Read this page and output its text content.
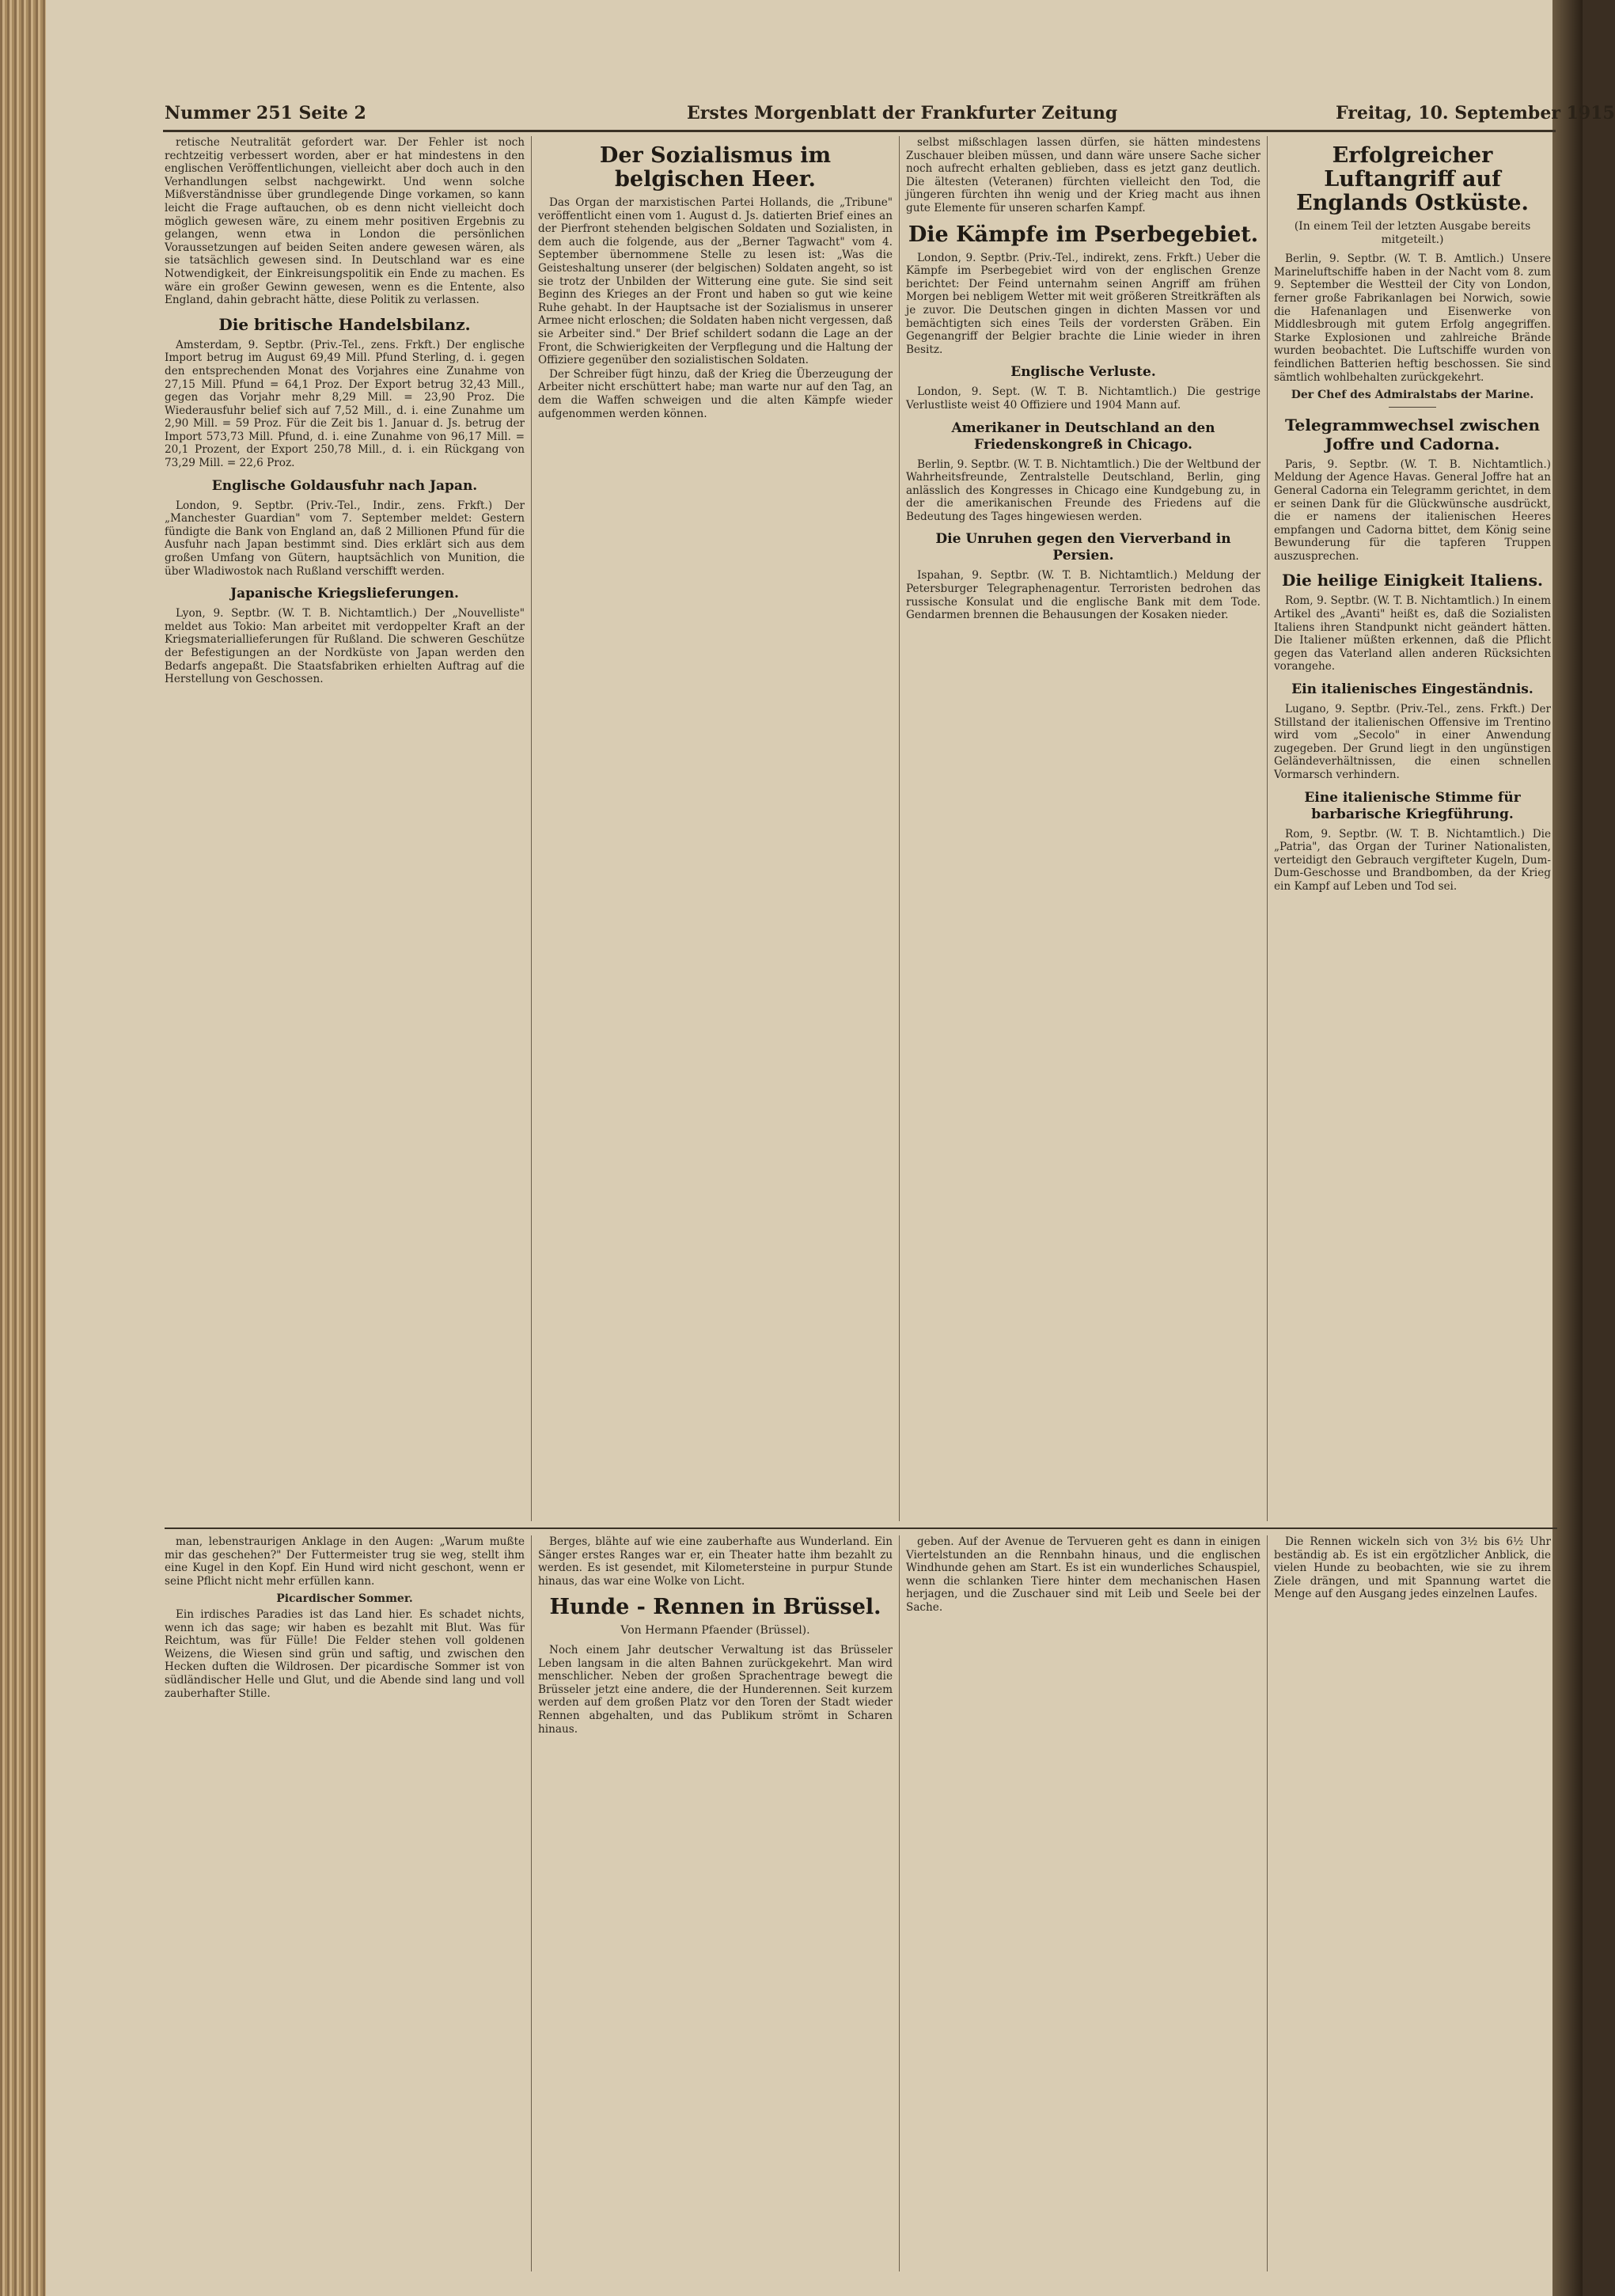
Nummer 251 Seite 2	Erstes Morgenblatt der Frankfurter Zeitung	Freitag, 10. September 1915

retische Neutralität gefordert war. Der Fehler ist noch rechtzeitig verbessert worden, aber er hat mindestens in den englischen Veröffentlichungen, vielleicht aber doch auch in den Verhandlungen selbst nachgewirkt. Und wenn solche Mißverständnisse über grundlegende Dinge vorkamen, so kann leicht die Frage auftauchen, ob es denn nicht vielleicht doch möglich gewesen wäre, zu einem mehr positiven Ergebnis zu gelangen, wenn etwa in London die persönlichen Voraussetzungen auf beiden Seiten andere gewesen wären, als sie tatsächlich gewesen sind. In Deutschland war es eine Notwendigkeit, der Einkreisungspolitik ein Ende zu machen. Es wäre ein großer Gewinn gewesen, wenn es die Entente, also England, dahin gebracht hätte, diese Politik zu verlassen.

Die britische Handelsbilanz.

Amsterdam, 9. Septbr. (Priv.-Tel., zens. Frkft.) Der englische Import betrug im August 69,49 Mill. Pfund Sterling, d. i. gegen den entsprechenden Monat des Vorjahres eine Zunahme von 27,15 Mill. Pfund = 64,1 Proz. Der Export betrug 32,43 Mill., gegen das Vorjahr mehr 8,29 Mill. = 23,90 Proz. Die Wiederausfuhr belief sich auf 7,52 Mill., d. i. eine Zunahme um 2,90 Mill. = 59 Proz. Für die Zeit bis 1. Januar d. Js. betrug der Import 573,73 Mill. Pfund, d. i. eine Zunahme von 96,17 Mill. = 20,1 Prozent, der Export 250,78 Mill., d. i. ein Rückgang von 73,29 Mill. = 22,6 Proz.

Englische Goldausfuhr nach Japan.

London, 9. Septbr. (Priv.-Tel., Indir., zens. Frkft.) Der „Manchester Guardian" vom 7. September meldet: Gestern fündigte die Bank von England an, daß 2 Millionen Pfund für die Ausfuhr nach Japan bestimmt sind. Dies erklärt sich aus dem großen Umfang von Gütern, hauptsächlich von Munition, die über Wladiwostok nach Rußland verschifft werden.

Japanische Kriegslieferungen.

Lyon, 9. Septbr. (W. T. B. Nichtamtlich.) Der „Nouvelliste" meldet aus Tokio: Man arbeitet mit verdoppelter Kraft an der Kriegsmateriallieferungen für Rußland. Die schweren Geschütze der Befestigungen an der Nordküste von Japan werden den Bedarfs angepaßt. Die Staatsfabriken erhielten Auftrag auf die Herstellung von Geschossen.

Der Sozialismus im belgischen Heer.

Das Organ der marxistischen Partei Hollands, die „Tribune" veröffentlicht einen vom 1. August d. Js. datierten Brief eines an der Pierfront stehenden belgischen Soldaten und Sozialisten, in dem auch die folgende, aus der „Berner Tagwacht" vom 4. September übernommene Stelle zu lesen ist: „Was die Geisteshaltung unserer (der belgischen) Soldaten angeht, so ist sie trotz der Unbilden der Witterung eine gute. Sie sind seit Beginn des Krieges an der Front und haben so gut wie keine Ruhe gehabt. In der Hauptsache ist der Sozialismus in unserer Armee nicht erloschen; die Soldaten haben nicht vergessen, daß sie Arbeiter sind." Der Brief schildert sodann die Lage an der Front, die Schwierigkeiten der Verpflegung und die Haltung der Offiziere gegenüber den sozialistischen Soldaten.

Der Schreiber fügt hinzu, daß der Krieg die Überzeugung der Arbeiter nicht erschüttert habe; man warte nur auf den Tag, an dem die Waffen schweigen und die alten Kämpfe wieder aufgenommen werden können.

selbst mißschlagen lassen dürfen, sie hätten mindestens Zuschauer bleiben müssen, und dann wäre unsere Sache sicher noch aufrecht erhalten geblieben, dass es jetzt ganz deutlich. Die ältesten (Veteranen) fürchten vielleicht den Tod, die jüngeren fürchten ihn wenig und der Krieg macht aus ihnen gute Elemente für unseren scharfen Kampf.

Die Kämpfe im Pserbegebiet.

London, 9. Septbr. (Priv.-Tel., indirekt, zens. Frkft.) Ueber die Kämpfe im Pserbegebiet wird von der englischen Grenze berichtet: Der Feind unternahm seinen Angriff am frühen Morgen bei nebligem Wetter mit weit größeren Streitkräften als je zuvor. Die Deutschen gingen in dichten Massen vor und bemächtigten sich eines Teils der vordersten Gräben. Ein Gegenangriff der Belgier brachte die Linie wieder in ihren Besitz.

Englische Verluste.

London, 9. Sept. (W. T. B. Nichtamtlich.) Die gestrige Verlustliste weist 40 Offiziere und 1904 Mann auf.

Amerikaner in Deutschland an den Friedenskongreß in Chicago.

Berlin, 9. Septbr. (W. T. B. Nichtamtlich.) Die der Weltbund der Wahrheitsfreunde, Zentralstelle Deutschland, Berlin, ging anlässlich des Kongresses in Chicago eine Kundgebung zu, in der die amerikanischen Freunde des Friedens auf die Bedeutung des Tages hingewiesen werden.

Die Unruhen gegen den Vierverband in Persien.

Ispahan, 9. Septbr. (W. T. B. Nichtamtlich.) Meldung der Petersburger Telegraphenagentur. Terroristen bedrohen das russische Konsulat und die englische Bank mit dem Tode. Gendarmen brennen die Behausungen der Kosaken nieder.

Erfolgreicher Luftangriff auf Englands Ostküste.
(In einem Teil der letzten Ausgabe bereits mitgeteilt.)

Berlin, 9. Septbr. (W. T. B. Amtlich.) Unsere Marineluftschiffe haben in der Nacht vom 8. zum 9. September die Westteil der City von London, ferner große Fabrikanlagen bei Norwich, sowie die Hafenanlagen und Eisenwerke von Middlesbrough mit gutem Erfolg angegriffen. Starke Explosionen und zahlreiche Brände wurden beobachtet. Die Luftschiffe wurden von feindlichen Batterien heftig beschossen. Sie sind sämtlich wohlbehalten zurückgekehrt.

Der Chef des Admiralstabs der Marine.
Telegrammwechsel zwischen Joffre und Cadorna.

Paris, 9. Septbr. (W. T. B. Nichtamtlich.) Meldung der Agence Havas. General Joffre hat an General Cadorna ein Telegramm gerichtet, in dem er seinen Dank für die Glückwünsche ausdrückt, die er namens der italienischen Heeres empfangen und Cadorna bittet, dem König seine Bewunderung für die tapferen Truppen auszusprechen.

Die heilige Einigkeit Italiens.

Rom, 9. Septbr. (W. T. B. Nichtamtlich.) In einem Artikel des „Avanti" heißt es, daß die Sozialisten Italiens ihren Standpunkt nicht geändert hätten. Die Italiener müßten erkennen, daß die Pflicht gegen das Vaterland allen anderen Rücksichten vorangehe.

Ein italienisches Eingeständnis.

Lugano, 9. Septbr. (Priv.-Tel., zens. Frkft.) Der Stillstand der italienischen Offensive im Trentino wird vom „Secolo" in einer Anwendung zugegeben. Der Grund liegt in den ungünstigen Geländeverhältnissen, die einen schnellen Vormarsch verhindern.

Eine italienische Stimme für barbarische Kriegführung.

Rom, 9. Septbr. (W. T. B. Nichtamtlich.) Die „Patria", das Organ der Turiner Nationalisten, verteidigt den Gebrauch vergifteter Kugeln, Dum-Dum-Geschosse und Brandbomben, da der Krieg ein Kampf auf Leben und Tod sei.

man, lebenstraurigen Anklage in den Augen: „Warum mußte mir das geschehen?" Der Futtermeister trug sie weg, stellt ihm eine Kugel in den Kopf. Ein Hund wird nicht geschont, wenn er seine Pflicht nicht mehr erfüllen kann.

Picardischer Sommer.

Ein irdisches Paradies ist das Land hier. Es schadet nichts, wenn ich das sage; wir haben es bezahlt mit Blut. Was für Reichtum, was für Fülle! Die Felder stehen voll goldenen Weizens, die Wiesen sind grün und saftig, und zwischen den Hecken duften die Wildrosen. Der picardische Sommer ist von südländischer Helle und Glut, und die Abende sind lang und voll zauberhafter Stille.

Berges, blähte auf wie eine zauberhafte aus Wunderland. Ein Sänger erstes Ranges war er, ein Theater hatte ihm bezahlt zu werden. Es ist gesendet, mit Kilometersteine in purpur Stunde hinaus, das war eine Wolke von Licht.

Hunde - Rennen in Brüssel.
Von Hermann Pfaender (Brüssel).

Noch einem Jahr deutscher Verwaltung ist das Brüsseler Leben langsam in die alten Bahnen zurückgekehrt. Man wird menschlicher. Neben der großen Sprachentrage bewegt die Brüsseler jetzt eine andere, die der Hunderennen. Seit kurzem werden auf dem großen Platz vor den Toren der Stadt wieder Rennen abgehalten, und das Publikum strömt in Scharen hinaus.

geben. Auf der Avenue de Tervueren geht es dann in einigen Viertelstunden an die Rennbahn hinaus, und die englischen Windhunde gehen am Start. Es ist ein wunderliches Schauspiel, wenn die schlanken Tiere hinter dem mechanischen Hasen herjagen, und die Zuschauer sind mit Leib und Seele bei der Sache.

Die Rennen wickeln sich von 3½ bis 6½ Uhr beständig ab. Es ist ein ergötzlicher Anblick, die vielen Hunde zu beobachten, wie sie zu ihrem Ziele drängen, und mit Spannung wartet die Menge auf den Ausgang jedes einzelnen Laufes.
